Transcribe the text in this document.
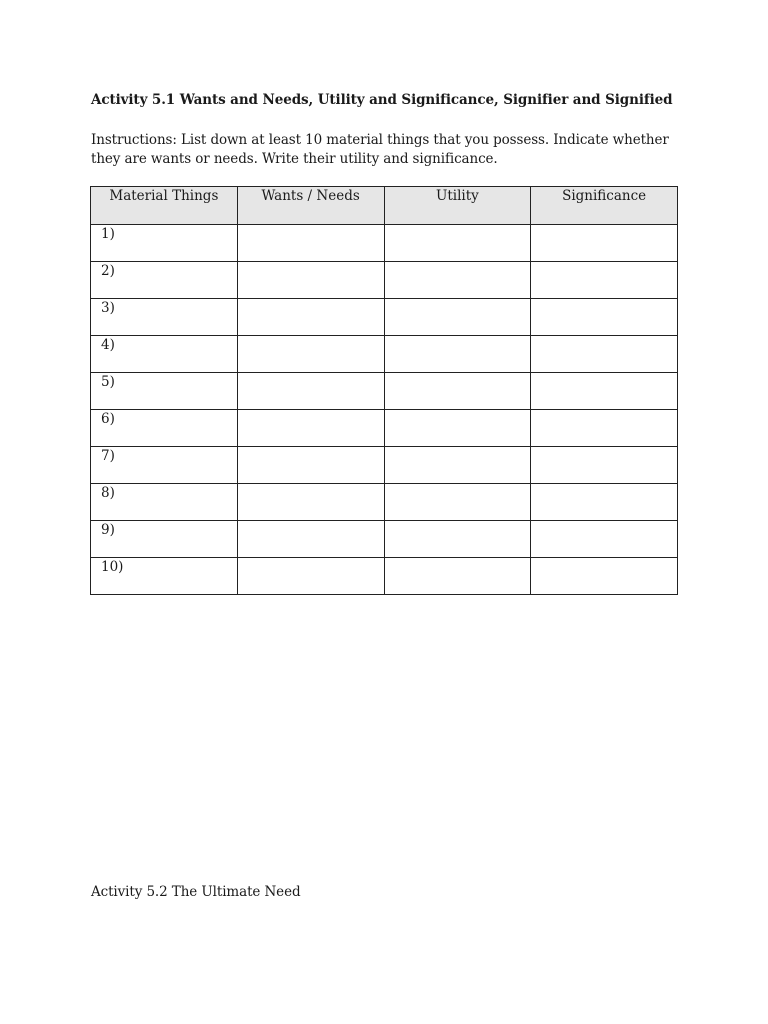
Activity 5.1 Wants and Needs, Utility and Significance, Signifier and Signified
Instructions: List down at least 10 material things that you possess. Indicate whether they are wants or needs. Write their utility and significance.
Material Things	Wants / Needs	Utility	Significance
1)			
2)			
3)			
4)			
5)			
6)			
7)			
8)			
9)			
10)			
Activity 5.2 The Ultimate Need
